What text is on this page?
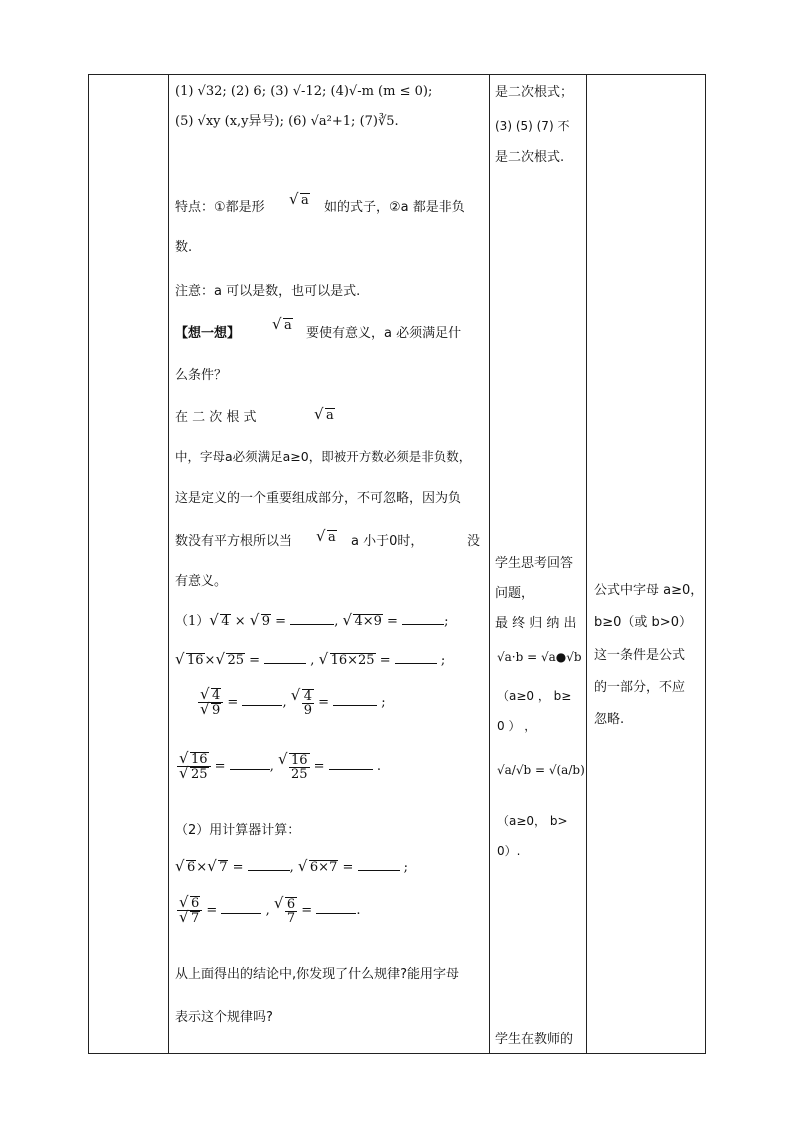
(1) √32; (2) 6; (3) √-12; (4)√-m (m ≤ 0);
(5) √xy (x,y异号); (6) √a²+1; (7)∛5.
特点：①都是形	√ a 如的式子，②a 都是非负
数.
注意：a 可以是数，也可以是式.
【想一想】
√ a
要使有意义，a 必须满足什
么条件？
在 二 次 根 式	√ a
中，字母a必须满足a≥0，即被开方数必须是非负数，
这是定义的一个重要组成部分，不可忽略，因为负
数没有平方根所以当	√ a a 小于0时，	没
有意义。
（1） √ 4 × √ 9 =	, √ 4×9 =	;
√ 16× √ 25 =	, √ 16×25 =	;
√ 4
√ 9 =	, √ $\frac{4}{9}$ =	;
√ 16
√ 25 =	, √ $\frac{16}{25}$ =	.
（2）用计算器计算：
√ 6× √ 7 =	, √ 6×7 =	;
√ 6
√ 7 =	, √ $\frac{6}{7}$ =	.
从上面得出的结论中,你发现了什么规律?能用字母
表示这个规律吗?
是二次根式；
(3) (5) (7) 不
是二次根式.
学生思考回答
问题，
最 终 归 纳 出
√a·b = √a●√b
（a≥0 ， b≥
0 ） ，
√a/√b = √(a/b)
（a≥0， b>
0）.
学生在教师的
公式中字母 a≥0，
b≥0（或 b>0）
这一条件是公式
的一部分，不应
忽略.
